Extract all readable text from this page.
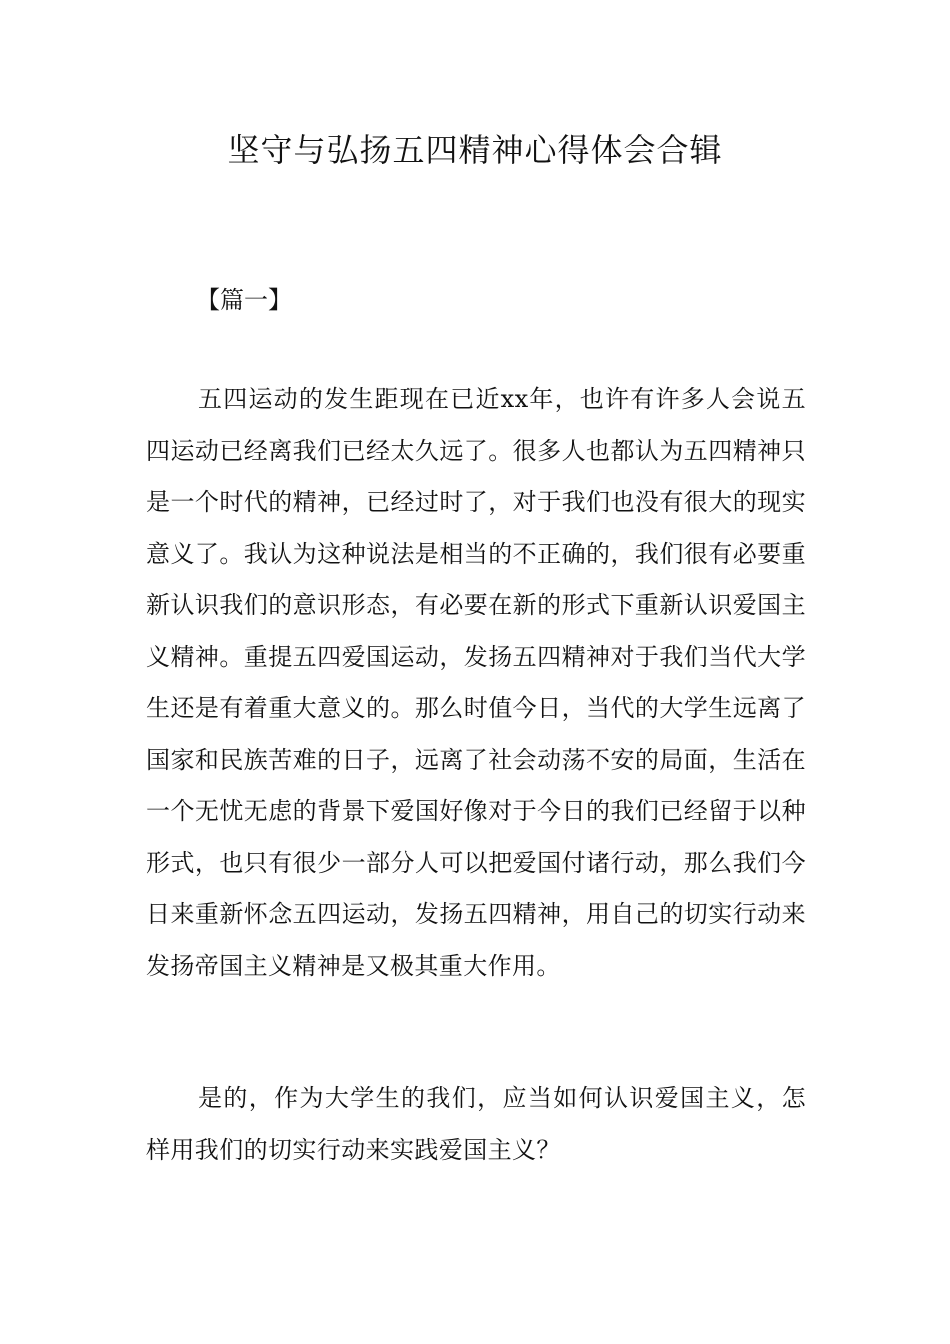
坚守与弘扬五四精神心得体会合辑

【篇一】

五四运动的发生距现在已近xx年，也许有许多人会说五四运动已经离我们已经太久远了。很多人也都认为五四精神只是一个时代的精神，已经过时了，对于我们也没有很大的现实意义了。我认为这种说法是相当的不正确的，我们很有必要重新认识我们的意识形态，有必要在新的形式下重新认识爱国主义精神。重提五四爱国运动，发扬五四精神对于我们当代大学生还是有着重大意义的。那么时值今日，当代的大学生远离了国家和民族苦难的日子，远离了社会动荡不安的局面，生活在一个无忧无虑的背景下爱国好像对于今日的我们已经留于以种形式，也只有很少一部分人可以把爱国付诸行动，那么我们今日来重新怀念五四运动，发扬五四精神，用自己的切实行动来发扬帝国主义精神是又极其重大作用。

是的，作为大学生的我们，应当如何认识爱国主义，怎样用我们的切实行动来实践爱国主义？
